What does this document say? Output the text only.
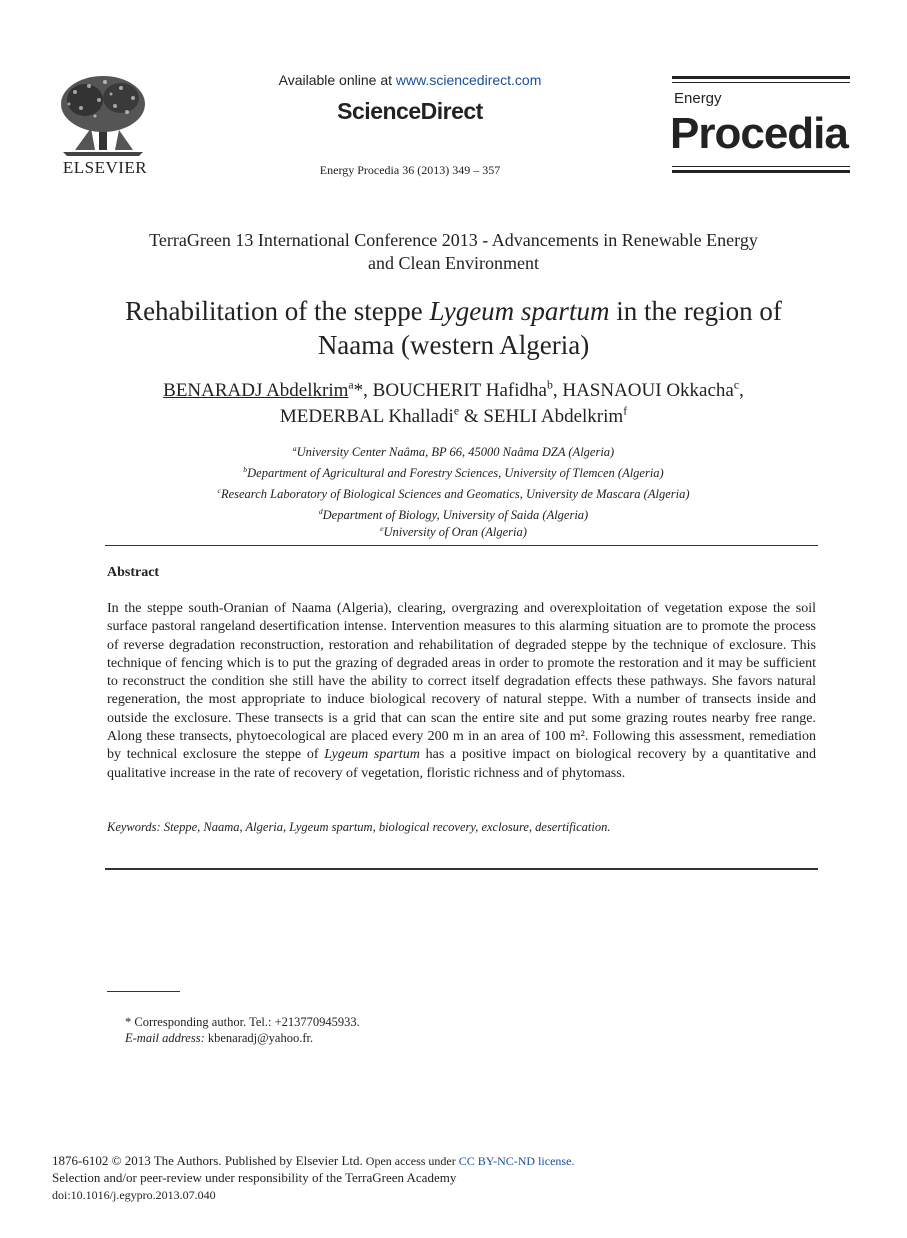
ELSEVIER
Available online at www.sciencedirect.com
ScienceDirect
Energy Procedia 36 (2013) 349 – 357
Energy
Procedia
TerraGreen 13 International Conference 2013 - Advancements in Renewable Energy
and Clean Environment
Rehabilitation of the steppe Lygeum spartum in the region of
Naama (western Algeria)
BENARADJ Abdelkrim$^a$*, BOUCHERIT Hafidha$^b$, HASNAOUI Okkacha$^c$,
MEDERBAL Khalladi$^e$ & SEHLI Abdelkrim$^f$
$^a$University Center Naâma, BP 66, 45000 Naâma DZA (Algeria)
$^b$Department of Agricultural and Forestry Sciences, University of Tlemcen (Algeria)
$^c$Research Laboratory of Biological Sciences and Geomatics, University de Mascara (Algeria)
$^d$Department of Biology, University of Saida (Algeria)
$^e$University of Oran (Algeria)
Abstract
In the steppe south-Oranian of Naama (Algeria), clearing, overgrazing and overexploitation of vegetation expose the soil surface pastoral rangeland desertification intense. Intervention measures to this alarming situation are to promote the process of reverse degradation reconstruction, restoration and rehabilitation of degraded steppe by the technique of exclosure. This technique of fencing which is to put the grazing of degraded areas in order to promote the restoration and it may be sufficient to reconstruct the condition she still have the ability to correct itself degradation effects these pathways. She favors natural regeneration, the most appropriate to induce biological recovery of natural steppe. With a number of transects inside and outside the exclosure. These transects is a grid that can scan the entire site and put some grazing routes nearby free range. Along these transects, phytoecological are placed every 200 m in an area of 100 m². Following this assessment, remediation by technical exclosure the steppe of Lygeum spartum has a positive impact on biological recovery by a quantitative and qualitative increase in the rate of recovery of vegetation, floristic richness and of phytomass.
Keywords: Steppe, Naama, Algeria, Lygeum spartum, biological recovery, exclosure, desertification.
* Corresponding author. Tel.: +213770945933.
E-mail address: kbenaradj@yahoo.fr.
1876-6102 © 2013 The Authors. Published by Elsevier Ltd. Open access under CC BY-NC-ND license.
Selection and/or peer-review under responsibility of the TerraGreen Academy
doi:10.1016/j.egypro.2013.07.040
